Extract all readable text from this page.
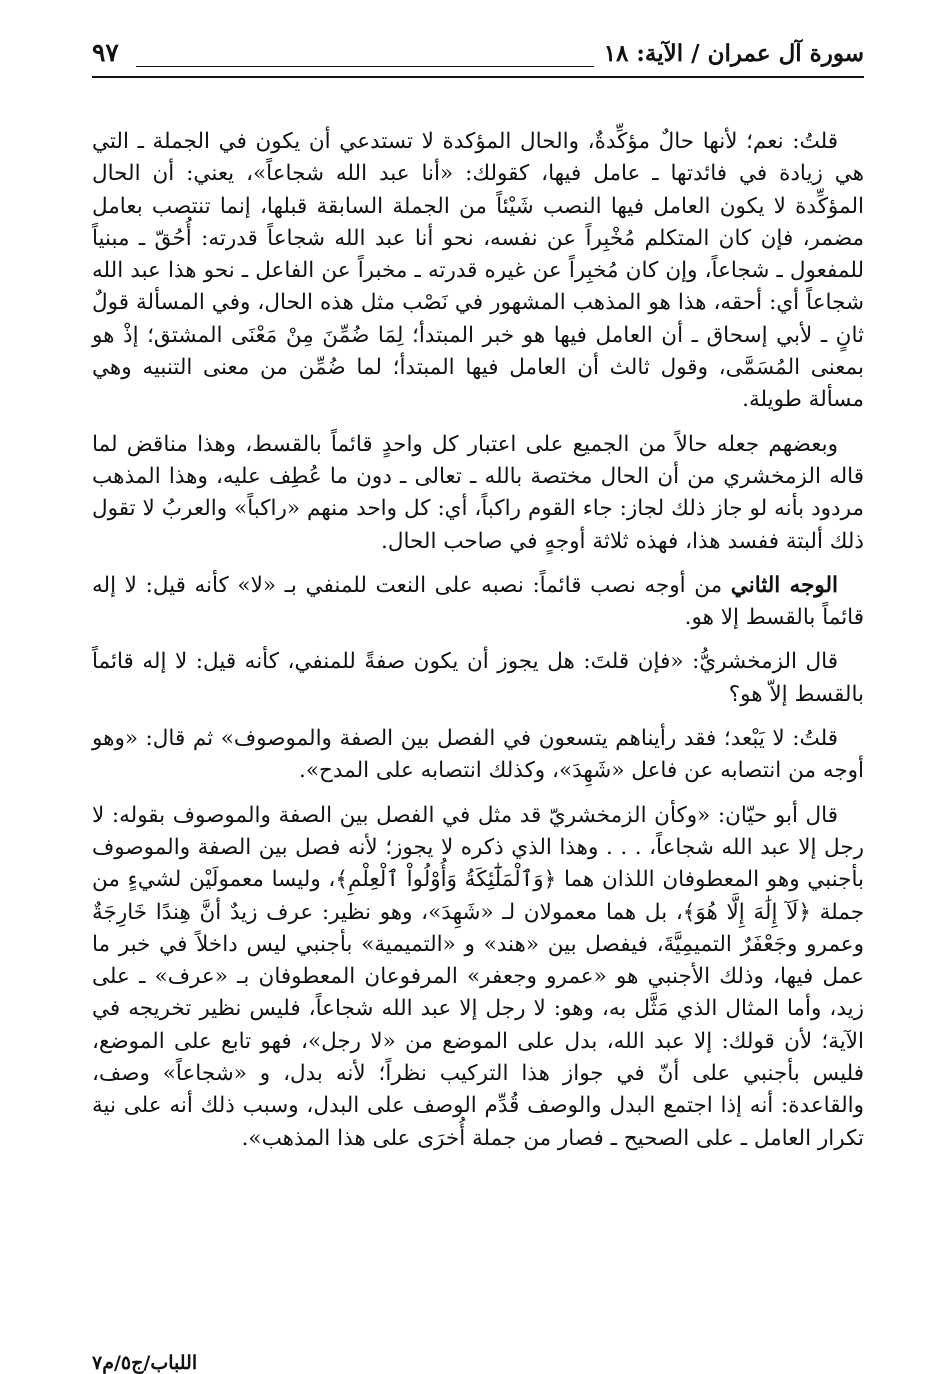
سورة آل عمران / الآية: ١٨
٩٧

قلتُ: نعم؛ لأنها حالٌ مؤكِّدةٌ، والحال المؤكدة لا تستدعي أن يكون في الجملة ـ التي هي زيادة في فائدتها ـ عامل فيها، كقولك: «أنا عبد الله شجاعاً»، يعني: أن الحال المؤكِّدة لا يكون العامل فيها النصب شَيْئاً من الجملة السابقة قبلها، إنما تنتصب بعامل مضمر، فإن كان المتكلم مُخْبِراً عن نفسه، نحو أنا عبد الله شجاعاً قدرته: أُحُقّ ـ مبنياً للمفعول ـ شجاعاً، وإن كان مُخبِراً عن غيره قدرته ـ مخبراً عن الفاعل ـ نحو هذا عبد الله شجاعاً أي: أحقه، هذا هو المذهب المشهور في نَصْب مثل هذه الحال، وفي المسألة قولٌ ثانٍ ـ لأبي إسحاق ـ أن العامل فيها هو خبر المبتدأ؛ لِمَا ضُمِّنَ مِنْ مَعْنَى المشتق؛ إذْ هو بمعنى المُسَمَّى، وقول ثالث أن العامل فيها المبتدأ؛ لما ضُمِّن من معنى التنبيه وهي مسألة طويلة.

وبعضهم جعله حالاً من الجميع على اعتبار كل واحدٍ قائماً بالقسط، وهذا مناقض لما قاله الزمخشري من أن الحال مختصة بالله ـ تعالى ـ دون ما عُطِف عليه، وهذا المذهب مردود بأنه لو جاز ذلك لجاز: جاء القوم راكباً، أي: كل واحد منهم «راكباً» والعربُ لا تقول ذلك ألبتة ففسد هذا، فهذه ثلاثة أوجهٍ في صاحب الحال.

الوجه الثاني من أوجه نصب قائماً: نصبه على النعت للمنفي بـ «لا» كأنه قيل: لا إله قائماً بالقسط إلا هو.

قال الزمخشريُّ: «فإن قلتَ: هل يجوز أن يكون صفةً للمنفي، كأنه قيل: لا إله قائماً بالقسط إلاّ هو؟

قلتُ: لا يَبْعد؛ فقد رأيناهم يتسعون في الفصل بين الصفة والموصوف» ثم قال: «وهو أوجه من انتصابه عن فاعل «شَهِدَ»، وكذلك انتصابه على المدح».

قال أبو حيّان: «وكأن الزمخشريّ قد مثل في الفصل بين الصفة والموصوف بقوله: لا رجل إلا عبد الله شجاعاً، . . . وهذا الذي ذكره لا يجوز؛ لأنه فصل بين الصفة والموصوف بأجنبي وهو المعطوفان اللذان هما ﴿وَٱلْمَلَٰٓئِكَةُ وَأُوْلُواْ ٱلْعِلْمِ﴾، وليسا معمولَيْن لشيءٍ من جملة ﴿لَآ إِلَٰهَ إِلَّا هُوَ﴾، بل هما معمولان لـ «شَهِدَ»، وهو نظير: عرف زيدٌ أنَّ هِندًا خَارِجَةٌ وعمرو وجَعْفَرٌ التميمِيَّةَ، فيفصل بين «هند» و «التميمية» بأجنبي ليس داخلاً في خبر ما عمل فيها، وذلك الأجنبي هو «عمرو وجعفر» المرفوعان المعطوفان بـ «عرف» ـ على زيد، وأما المثال الذي مَثَّل به، وهو: لا رجل إلا عبد الله شجاعاً، فليس نظير تخريجه في الآية؛ لأن قولك: إلا عبد الله، بدل على الموضع من «لا رجل»، فهو تابع على الموضع، فليس بأجنبي على أنّ في جواز هذا التركيب نظراً؛ لأنه بدل، و «شجاعاً» وصف، والقاعدة: أنه إذا اجتمع البدل والوصف قُدِّم الوصف على البدل، وسبب ذلك أنه على نية تكرار العامل ـ على الصحيح ـ فصار من جملة أُخرَى على هذا المذهب».

اللباب/ج٥/م٧
